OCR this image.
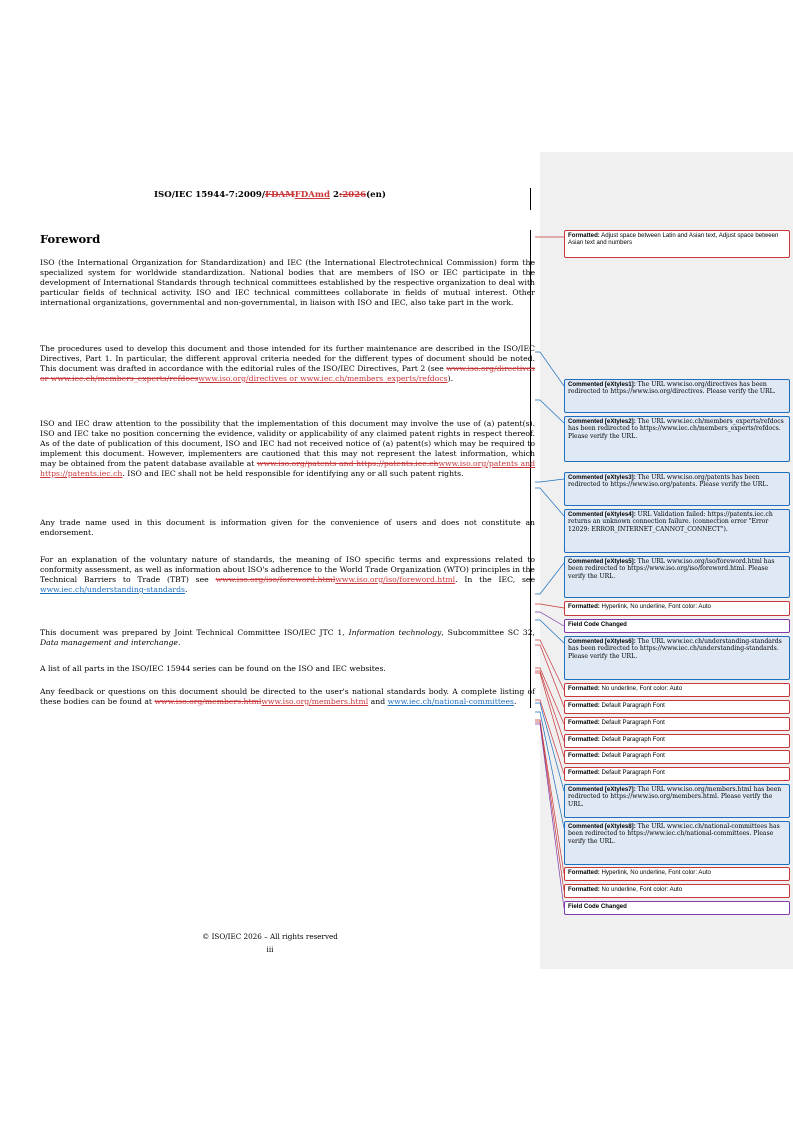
ISO/IEC 15944-7:2009/FDAMFDAmd 2:2026(en)
Foreword
ISO (the International Organization for Standardization) and IEC (the International Electrotechnical Commission) form the specialized system for worldwide standardization. National bodies that are members of ISO or IEC participate in the development of International Standards through technical committees established by the respective organization to deal with particular fields of technical activity. ISO and IEC technical committees collaborate in fields of mutual interest. Other international organizations, governmental and non-governmental, in liaison with ISO and IEC, also take part in the work.
The procedures used to develop this document and those intended for its further maintenance are described in the ISO/IEC Directives, Part 1. In particular, the different approval criteria needed for the different types of document should be noted. This document was drafted in accordance with the editorial rules of the ISO/IEC Directives, Part 2 (see www.iso.org/directives or www.iec.ch/members_experts/refdocswww.iso.org/directives or www.iec.ch/members_experts/refdocs).
ISO and IEC draw attention to the possibility that the implementation of this document may involve the use of (a) patent(s). ISO and IEC take no position concerning the evidence, validity or applicability of any claimed patent rights in respect thereof. As of the date of publication of this document, ISO and IEC had not received notice of (a) patent(s) which may be required to implement this document. However, implementers are cautioned that this may not represent the latest information, which may be obtained from the patent database available at www.iso.org/patents and https://patents.iec.chwww.iso.org/patents and https://patents.iec.ch. ISO and IEC shall not be held responsible for identifying any or all such patent rights.
Any trade name used in this document is information given for the convenience of users and does not constitute an endorsement.
For an explanation of the voluntary nature of standards, the meaning of ISO specific terms and expressions related to conformity assessment, as well as information about ISO's adherence to the World Trade Organization (WTO) principles in the Technical Barriers to Trade (TBT) see www.iso.org/iso/foreword.htmlwww.iso.org/iso/foreword.html. In the IEC, see www.iec.ch/understanding-standards.
This document was prepared by Joint Technical Committee ISO/IEC JTC 1, Information technology, Subcommittee SC 32, Data management and interchange.
A list of all parts in the ISO/IEC 15944 series can be found on the ISO and IEC websites.
Any feedback or questions on this document should be directed to the user's national standards body. A complete listing of these bodies can be found at www.iso.org/members.htmlwww.iso.org/members.html and www.iec.ch/national-committees.
© ISO/IEC 2026 – All rights reserved
iii
Formatted: Adjust space between Latin and Asian text, Adjust space between Asian text and numbers
Commented [eXtyles1]: The URL www.iso.org/directives has been redirected to https://www.iso.org/directives. Please verify the URL.
Commented [eXtyles2]: The URL www.iec.ch/members_experts/refdocs has been redirected to https://www.iec.ch/members_experts/refdocs. Please verify the URL.
Commented [eXtyles3]: The URL www.iso.org/patents has been redirected to https://www.iso.org/patents. Please verify the URL.
Commented [eXtyles4]: URL Validation failed: https://patents.iec.ch returns an unknown connection failure. (connection error "Error 12029: ERROR_INTERNET_CANNOT_CONNECT").
Commented [eXtyles5]: The URL www.iso.org/iso/foreword.html has been redirected to https://www.iso.org/iso/foreword.html. Please verify the URL.
Formatted: Hyperlink, No underline, Font color: Auto
Field Code Changed
Commented [eXtyles6]: The URL www.iec.ch/understanding-standards has been redirected to https://www.iec.ch/understanding-standards. Please verify the URL.
Formatted: No underline, Font color: Auto
Formatted: Default Paragraph Font
Formatted: Default Paragraph Font
Formatted: Default Paragraph Font
Formatted: Default Paragraph Font
Formatted: Default Paragraph Font
Commented [eXtyles7]: The URL www.iso.org/members.html has been redirected to https://www.iso.org/members.html. Please verify the URL.
Commented [eXtyles8]: The URL www.iec.ch/national-committees has been redirected to https://www.iec.ch/national-committees. Please verify the URL.
Formatted: Hyperlink, No underline, Font color: Auto
Formatted: No underline, Font color: Auto
Field Code Changed
